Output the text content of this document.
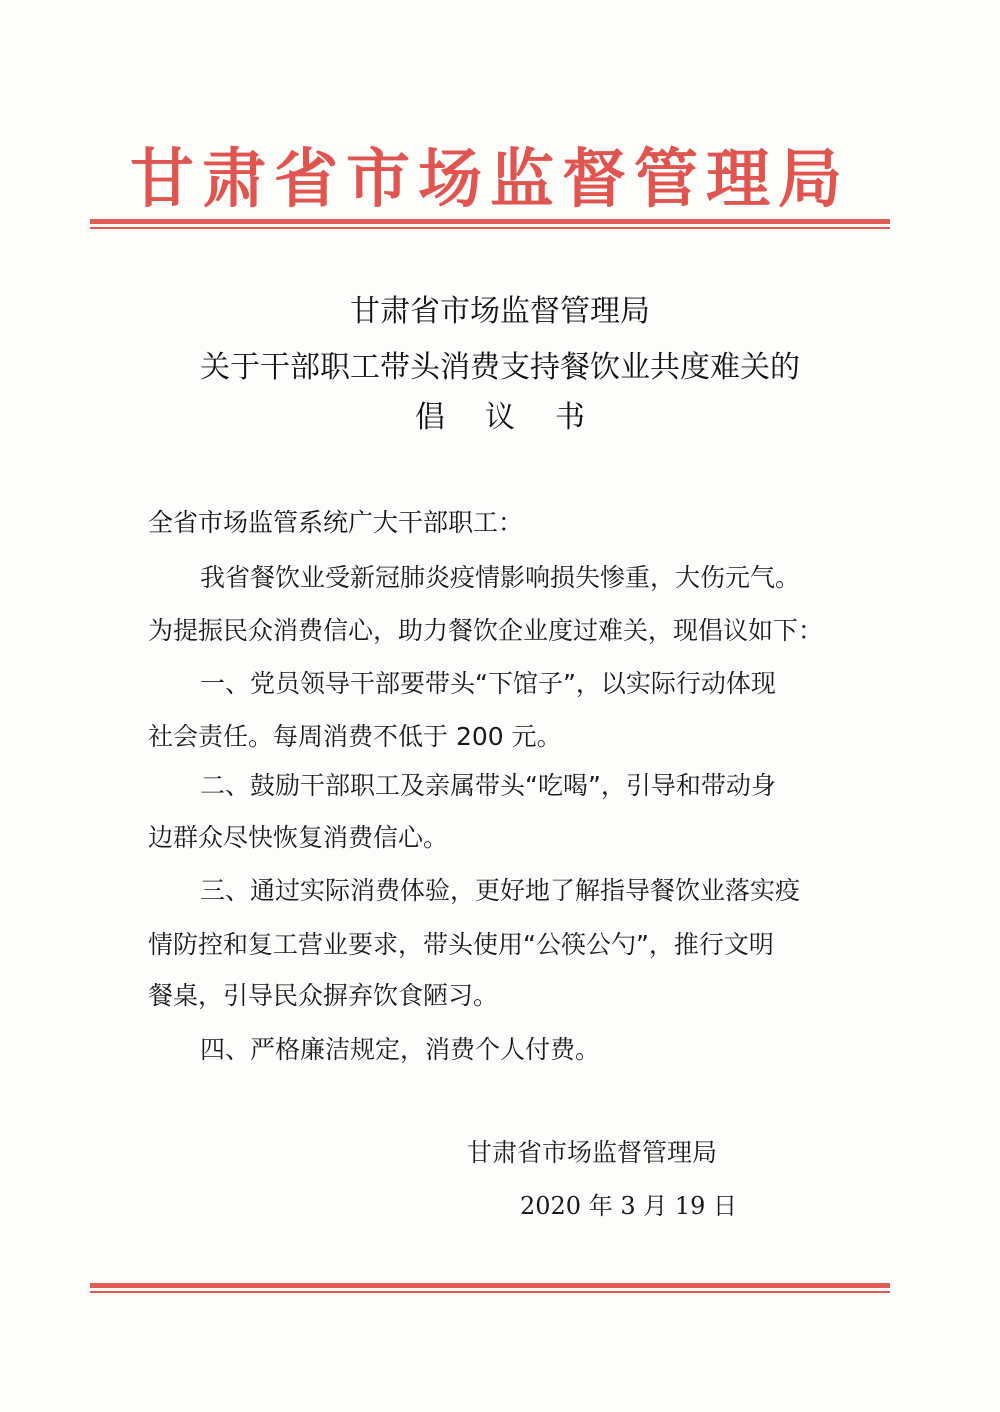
甘肃省市场监督管理局
甘肃省市场监督管理局
关于干部职工带头消费支持餐饮业共度难关的
倡议书
全省市场监管系统广大干部职工：
我省餐饮业受新冠肺炎疫情影响损失惨重，大伤元气。
为提振民众消费信心，助力餐饮企业度过难关，现倡议如下：
一、党员领导干部要带头“下馆子”，以实际行动体现
社会责任。每周消费不低于 200 元。
二、鼓励干部职工及亲属带头“吃喝”，引导和带动身
边群众尽快恢复消费信心。
三、通过实际消费体验，更好地了解指导餐饮业落实疫
情防控和复工营业要求，带头使用“公筷公勺”，推行文明
餐桌，引导民众摒弃饮食陋习。
四、严格廉洁规定，消费个人付费。
甘肃省市场监督管理局
2020 年 3 月 19 日
